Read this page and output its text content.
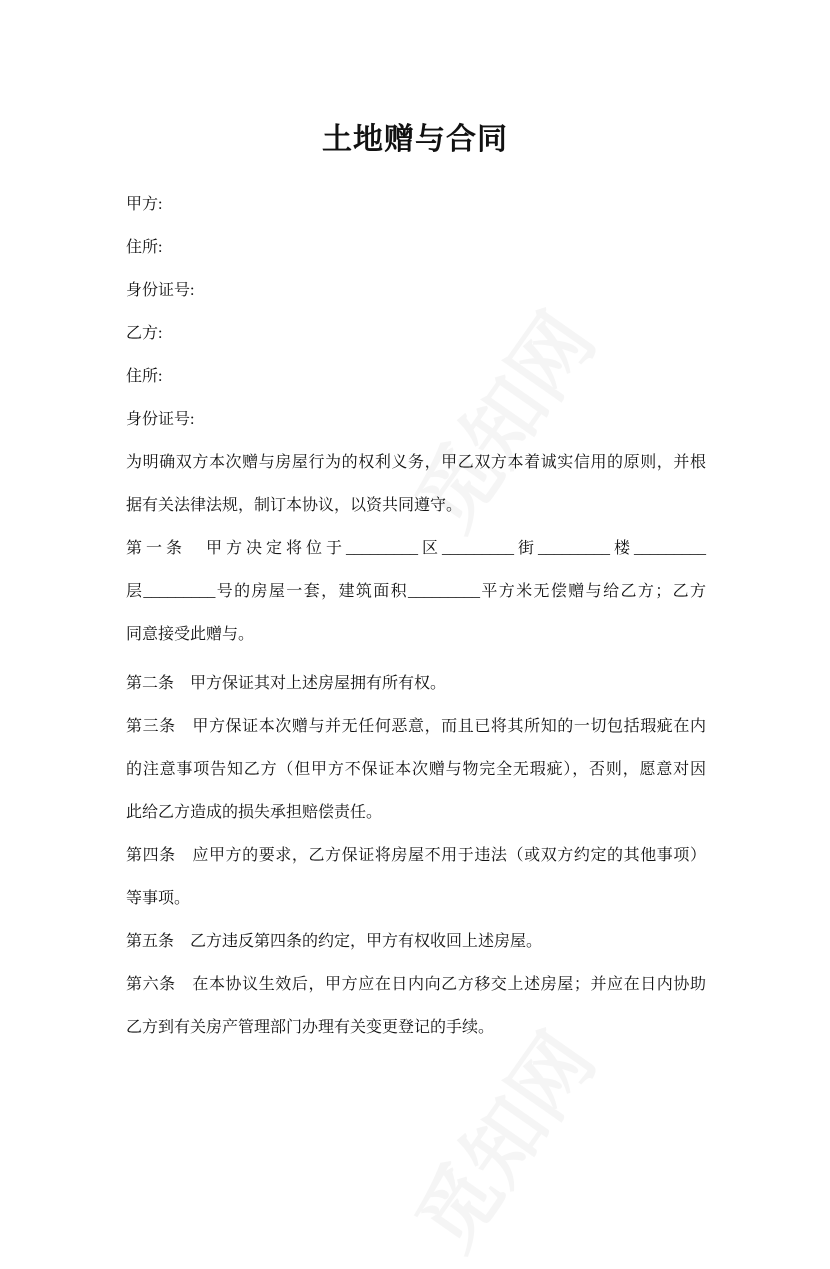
土地赠与合同
甲方:
住所:
身份证号:
乙方:
住所:
身份证号:
为明确双方本次赠与房屋行为的权利义务，甲乙双方本着诚实信用的原则，并根
据有关法律法规，制订本协议，以资共同遵守。
第一条　甲方决定将位于_________区_________街_________楼_________
层_________号的房屋一套，建筑面积_________平方米无偿赠与给乙方；乙方
同意接受此赠与。
第二条　甲方保证其对上述房屋拥有所有权。
第三条　甲方保证本次赠与并无任何恶意，而且已将其所知的一切包括瑕疵在内
的注意事项告知乙方（但甲方不保证本次赠与物完全无瑕疵），否则，愿意对因
此给乙方造成的损失承担赔偿责任。
第四条　应甲方的要求，乙方保证将房屋不用于违法（或双方约定的其他事项）
等事项。
第五条　乙方违反第四条的约定，甲方有权收回上述房屋。
第六条　在本协议生效后，甲方应在日内向乙方移交上述房屋；并应在日内协助
乙方到有关房产管理部门办理有关变更登记的手续。
